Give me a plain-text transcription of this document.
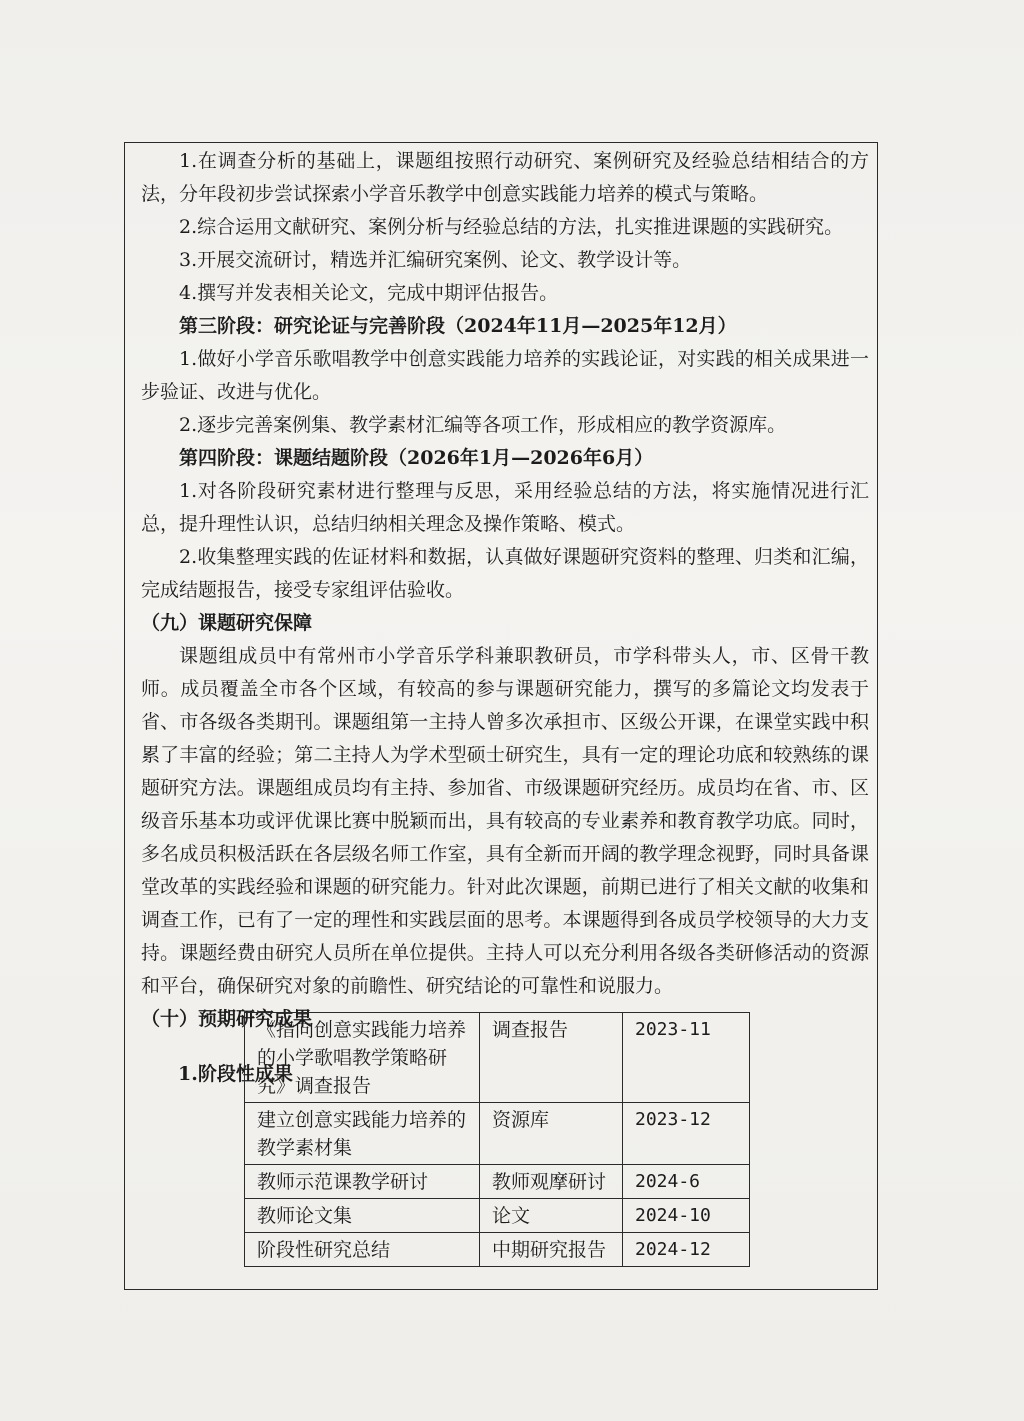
1.在调查分析的基础上，课题组按照行动研究、案例研究及经验总结相结合的方法，分年段初步尝试探索小学音乐教学中创意实践能力培养的模式与策略。

2.综合运用文献研究、案例分析与经验总结的方法，扎实推进课题的实践研究。

3.开展交流研讨，精选并汇编研究案例、论文、教学设计等。

4.撰写并发表相关论文，完成中期评估报告。

第三阶段：研究论证与完善阶段（2024年11月—2025年12月）

1.做好小学音乐歌唱教学中创意实践能力培养的实践论证，对实践的相关成果进一步验证、改进与优化。

2.逐步完善案例集、教学素材汇编等各项工作，形成相应的教学资源库。

第四阶段：课题结题阶段（2026年1月—2026年6月）

1.对各阶段研究素材进行整理与反思，采用经验总结的方法，将实施情况进行汇总，提升理性认识，总结归纳相关理念及操作策略、模式。

2.收集整理实践的佐证材料和数据，认真做好课题研究资料的整理、归类和汇编，完成结题报告，接受专家组评估验收。

（九）课题研究保障

课题组成员中有常州市小学音乐学科兼职教研员，市学科带头人，市、区骨干教师。成员覆盖全市各个区域，有较高的参与课题研究能力，撰写的多篇论文均发表于省、市各级各类期刊。课题组第一主持人曾多次承担市、区级公开课，在课堂实践中积累了丰富的经验；第二主持人为学术型硕士研究生，具有一定的理论功底和较熟练的课题研究方法。课题组成员均有主持、参加省、市级课题研究经历。成员均在省、市、区级音乐基本功或评优课比赛中脱颖而出，具有较高的专业素养和教育教学功底。同时，多名成员积极活跃在各层级名师工作室，具有全新而开阔的教学理念视野，同时具备课堂改革的实践经验和课题的研究能力。针对此次课题，前期已进行了相关文献的收集和调查工作，已有了一定的理性和实践层面的思考。本课题得到各成员学校领导的大力支持。课题经费由研究人员所在单位提供。主持人可以充分利用各级各类研修活动的资源和平台，确保研究对象的前瞻性、研究结论的可靠性和说服力。

（十）预期研究成果

1.阶段性成果

《指向创意实践能力培养的小学歌唱教学策略研究》调查报告	调查报告	2023-11
建立创意实践能力培养的教学素材集	资源库	2023-12
教师示范课教学研讨	教师观摩研讨	2024-6
教师论文集	论文	2024-10
阶段性研究总结	中期研究报告	2024-12
